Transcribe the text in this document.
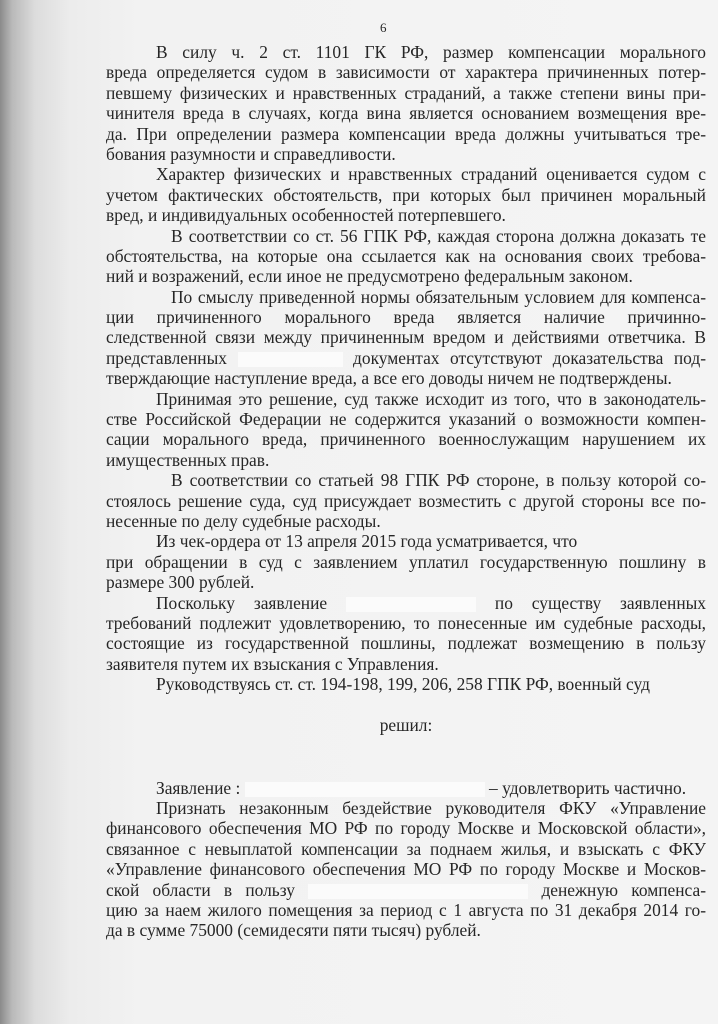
6
В силу ч. 2 ст. 1101 ГК РФ, размер компенсации морального
вреда определяется судом в зависимости от характера причиненных потер-
певшему физических и нравственных страданий, а также степени вины при-
чинителя вреда в случаях, когда вина является основанием возмещения вре-
да. При определении размера компенсации вреда должны учитываться тре-
бования разумности и справедливости.
Характер физических и нравственных страданий оценивается судом с
учетом фактических обстоятельств, при которых был причинен моральный
вред, и индивидуальных особенностей потерпевшего.
В соответствии со ст. 56 ГПК РФ, каждая сторона должна доказать те
обстоятельства, на которые она ссылается как на основания своих требова-
ний и возражений, если иное не предусмотрено федеральным законом.
По смыслу приведенной нормы обязательным условием для компенса-
ции причиненного морального вреда является наличие причинно-
следственной связи между причиненным вредом и действиями ответчика. В
представленных	документах отсутствуют доказательства под-
тверждающие наступление вреда, а все его доводы ничем не подтверждены.
Принимая это решение, суд также исходит из того, что в законодатель-
стве Российской Федерации не содержится указаний о возможности компен-
сации морального вреда, причиненного военнослужащим нарушением их
имущественных прав.
В соответствии со статьей 98 ГПК РФ стороне, в пользу которой со-
стоялось решение суда, суд присуждает возместить с другой стороны все по-
несенные по делу судебные расходы.
Из чек-ордера от 13 апреля 2015 года усматривается, что
при обращении в суд с заявлением уплатил государственную пошлину в
размере 300 рублей.
Поскольку заявление	по существу заявленных
требований подлежит удовлетворению, то понесенные им судебные расходы,
состоящие из государственной пошлины, подлежат возмещению в пользу
заявителя путем их взыскания с Управления.
Руководствуясь ст. ст. 194-198, 199, 206, 258 ГПК РФ, военный суд
решил:
Заявление :	– удовлетворить частично.
Признать незаконным бездействие руководителя ФКУ «Управление
финансового обеспечения МО РФ по городу Москве и Московской области»,
связанное с невыплатой компенсации за поднаем жилья, и взыскать с ФКУ
«Управление финансового обеспечения МО РФ по городу Москве и Москов-
ской области в пользу	денежную компенса-
цию за наем жилого помещения за период с 1 августа по 31 декабря 2014 го-
да в сумме 75000 (семидесяти пяти тысяч) рублей.
